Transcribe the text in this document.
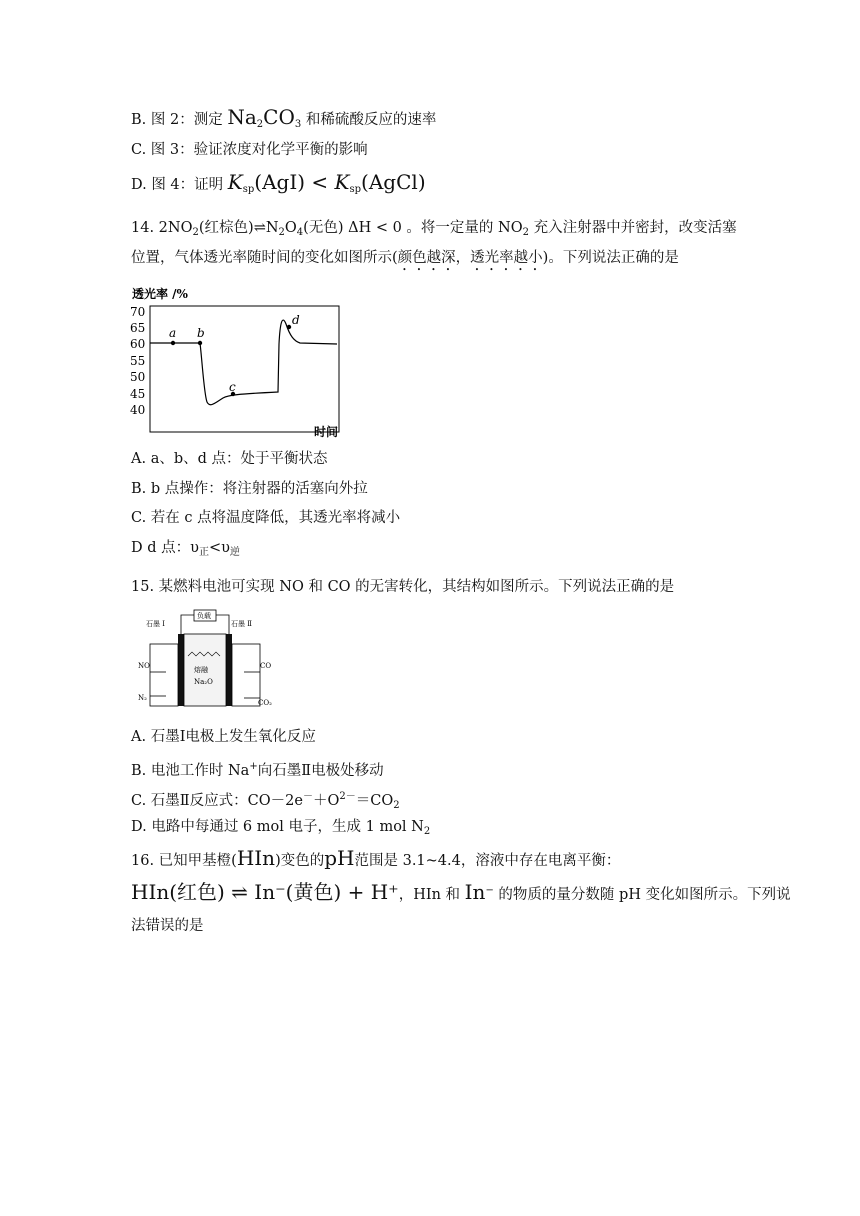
B. 图 2：测定 $Na_2CO_3$ 和稀硫酸反应的速率
C. 图 3：验证浓度对化学平衡的影响
D. 图 4：证明 $K_{sp}(AgI)$ < $K_{sp}(AgCl)$
14. $2NO_2$(红棕色)$\rightleftharpoons N_2O_4$(无色) ΔH < 0 。将一定量的 $NO_2$ 充入注射器中并密封，改变活塞
位置，气体透光率随时间的变化如图所示(颜色越深，透光率越小)。下列说法正确的是
透光率 /%
70
65
60
55
50
45
40
a b
c
d
时间
A. a、b、d 点：处于平衡状态
B. b 点操作：将注射器的活塞向外拉
C. 若在 c 点将温度降低，其透光率将减小
D d 点：$\upsilon_正<\upsilon_逆$
15. 某燃料电池可实现 NO 和 CO 的无害转化，其结构如图所示。下列说法正确的是
负载
石墨 Ⅰ	石墨 Ⅱ
熔融
Na₂O
NO
N₂
CO
CO₂
A. 石墨Ⅰ电极上发生氧化反应
B. 电池工作时 Na+向石墨Ⅱ电极处移动
C. 石墨Ⅱ反应式：$CO-2e^-+O^{2-}=CO_2$
D. 电路中每通过 6 mol 电子，生成 1 mol $N_2$
16. 已知甲基橙(HIn)变色的pH范围是 3.1~4.4，溶液中存在电离平衡：
HIn(红色) ⇌ In⁻(黄色) + H⁺，HIn 和 In− 的物质的量分数随 pH 变化如图所示。下列说
法错误的是
